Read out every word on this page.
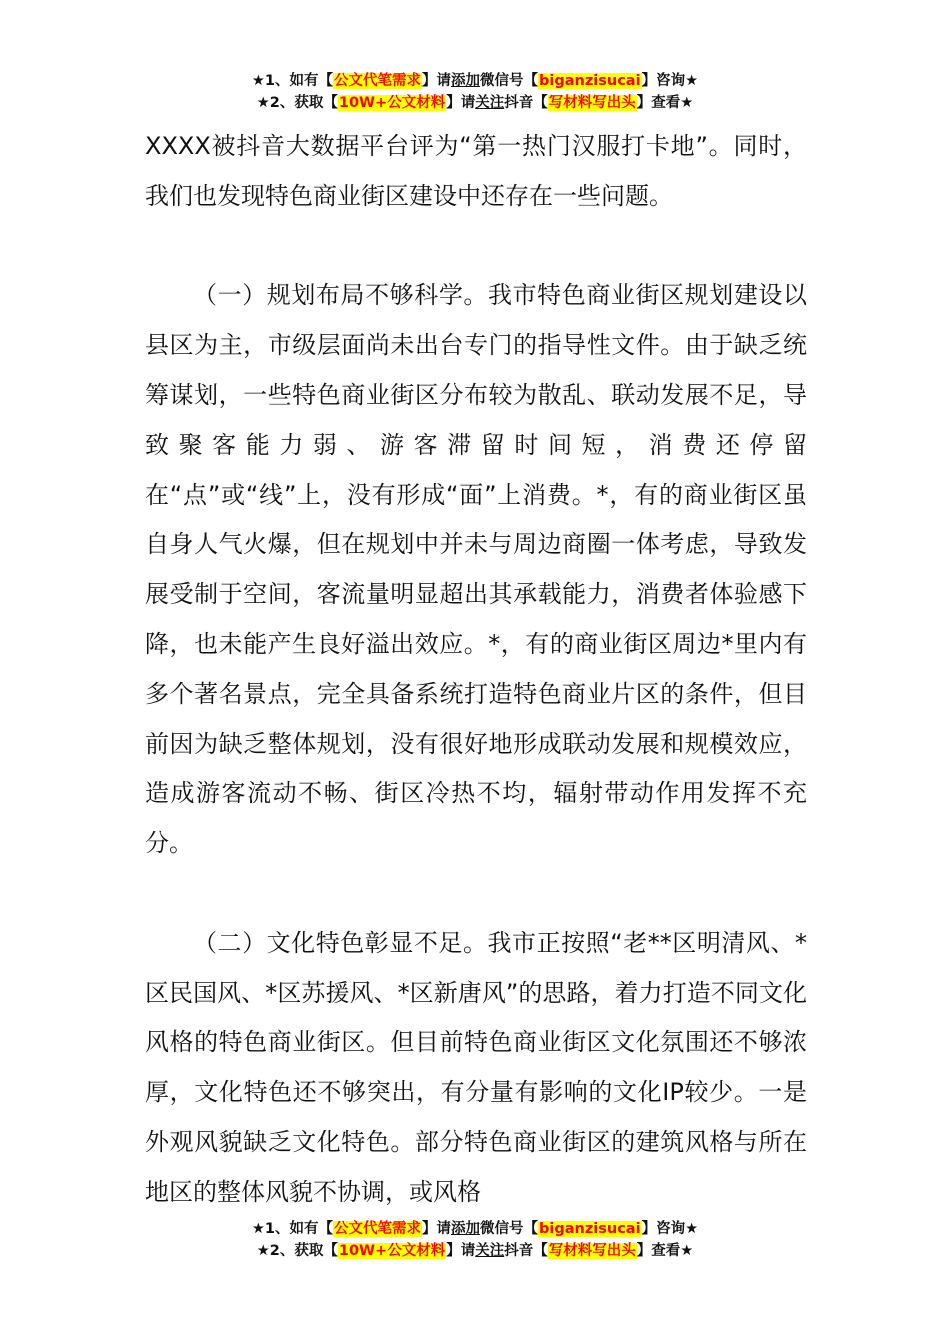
★1、如有【公文代笔需求】请添加微信号【biganzisucai】咨询★
★2、获取【10W+公文材料】请关注抖音【写材料写出头】查看★

XXXX被抖音大数据平台评为“第一热门汉服打卡地”。同时，我们也发现特色商业街区建设中还存在一些问题。

（一）规划布局不够科学。我市特色商业街区规划建设以县区为主，市级层面尚未出台专门的指导性文件。由于缺乏统筹谋划，一些特色商业街区分布较为散乱、联动发展不足，导致聚客能力弱、游客滞留时间短，消费还停留在“点”或“线”上，没有形成“面”上消费。*，有的商业街区虽自身人气火爆，但在规划中并未与周边商圈一体考虑，导致发展受制于空间，客流量明显超出其承载能力，消费者体验感下降，也未能产生良好溢出效应。*，有的商业街区周边*里内有多个著名景点，完全具备系统打造特色商业片区的条件，但目前因为缺乏整体规划，没有很好地形成联动发展和规模效应，造成游客流动不畅、街区冷热不均，辐射带动作用发挥不充分。

（二）文化特色彰显不足。我市正按照“老**区明清风、*区民国风、*区苏援风、*区新唐风”的思路，着力打造不同文化风格的特色商业街区。但目前特色商业街区文化氛围还不够浓厚，文化特色还不够突出，有分量有影响的文化IP较少。一是外观风貌缺乏文化特色。部分特色商业街区的建筑风格与所在地区的整体风貌不协调，或风格

★1、如有【公文代笔需求】请添加微信号【biganzisucai】咨询★
★2、获取【10W+公文材料】请关注抖音【写材料写出头】查看★
